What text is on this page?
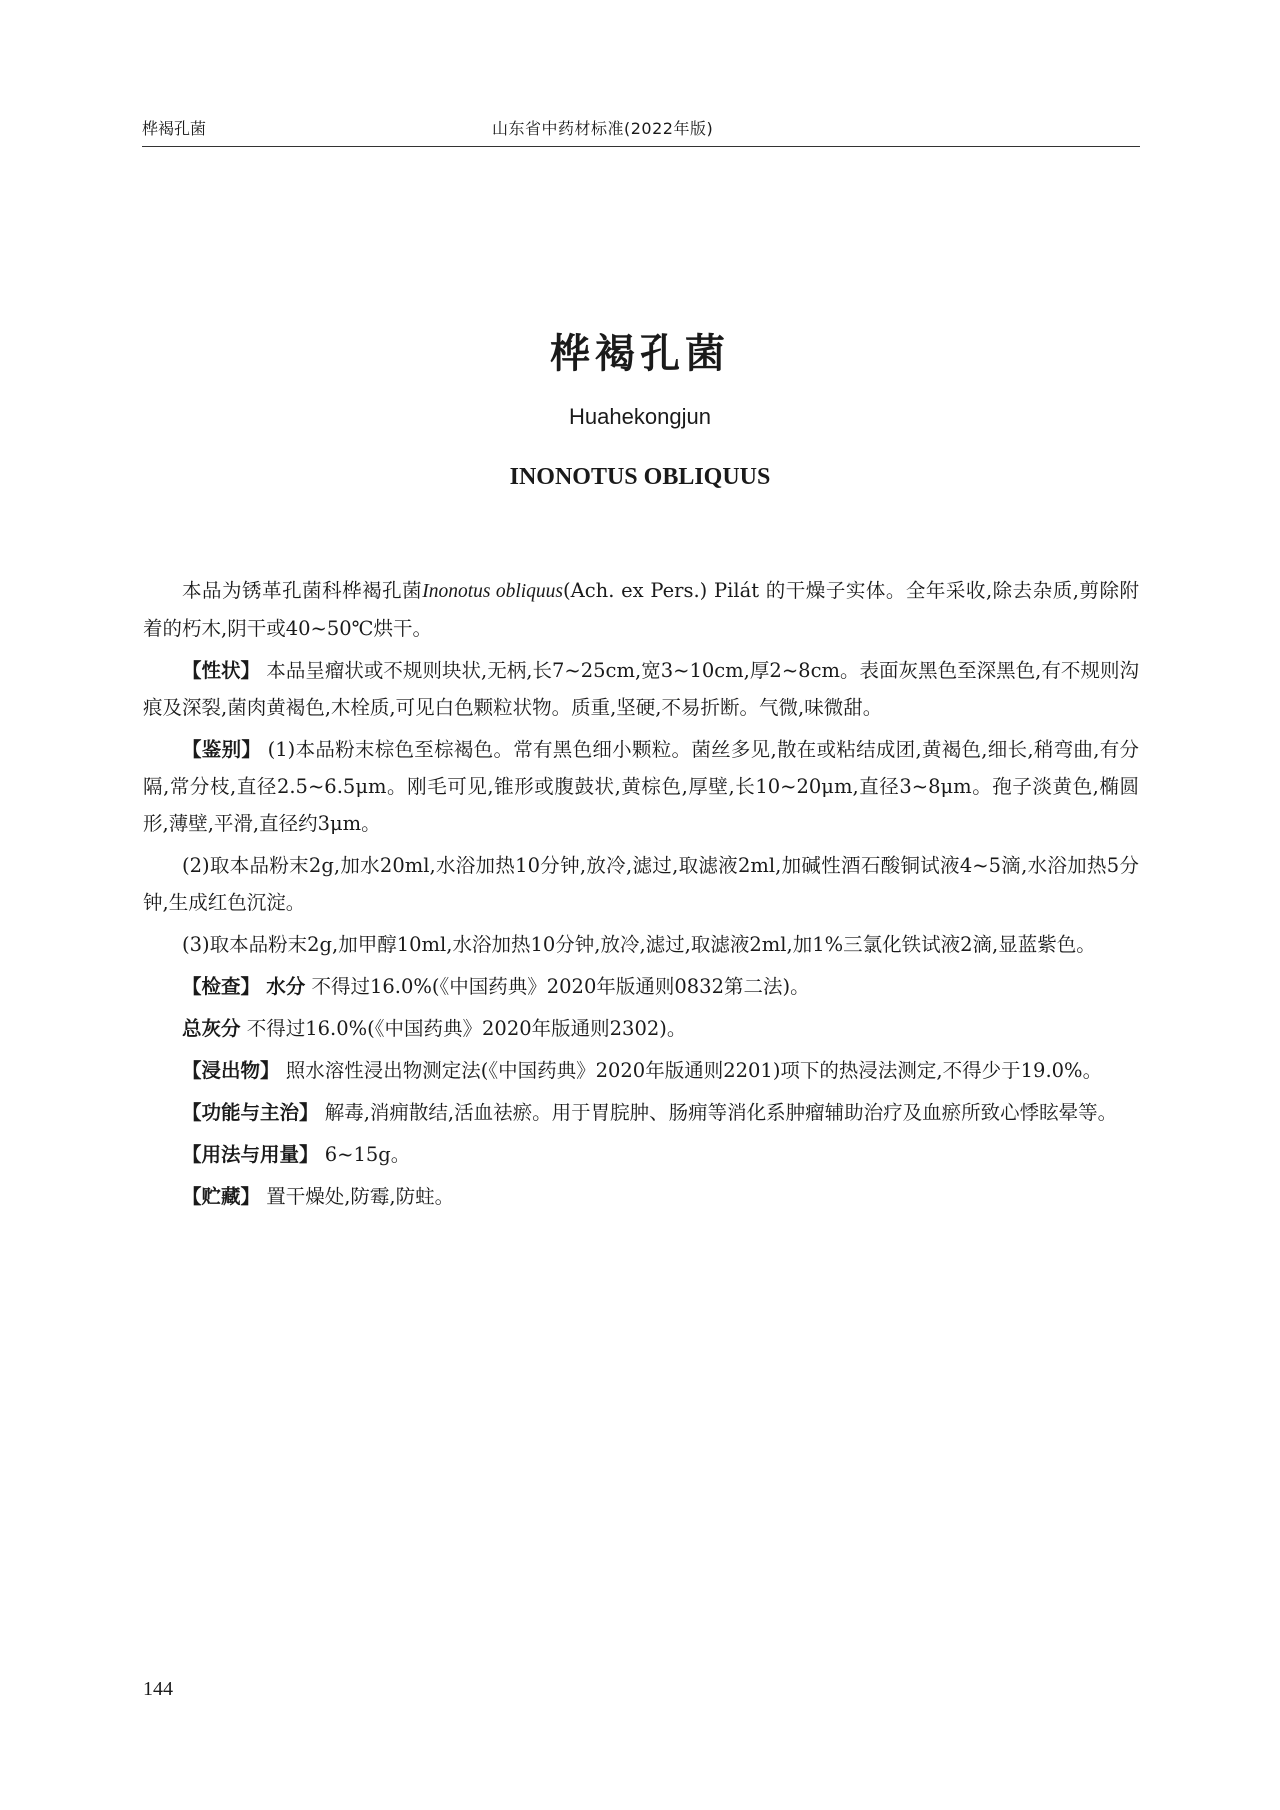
桦褐孔菌	山东省中药材标准(2022年版)
桦褐孔菌
Huahekongjun
INONOTUS OBLIQUUS

本品为锈革孔菌科桦褐孔菌Inonotus obliquus(Ach. ex Pers.) Pilát 的干燥子实体。全年采收,除去杂质,剪除附着的朽木,阴干或40~50℃烘干。

【性状】 本品呈瘤状或不规则块状,无柄,长7~25cm,宽3~10cm,厚2~8cm。表面灰黑色至深黑色,有不规则沟痕及深裂,菌肉黄褐色,木栓质,可见白色颗粒状物。质重,坚硬,不易折断。气微,味微甜。

【鉴别】 (1)本品粉末棕色至棕褐色。常有黑色细小颗粒。菌丝多见,散在或粘结成团,黄褐色,细长,稍弯曲,有分隔,常分枝,直径2.5~6.5μm。刚毛可见,锥形或腹鼓状,黄棕色,厚壁,长10~20μm,直径3~8μm。孢子淡黄色,椭圆形,薄壁,平滑,直径约3μm。

(2)取本品粉末2g,加水20ml,水浴加热10分钟,放冷,滤过,取滤液2ml,加碱性酒石酸铜试液4~5滴,水浴加热5分钟,生成红色沉淀。

(3)取本品粉末2g,加甲醇10ml,水浴加热10分钟,放冷,滤过,取滤液2ml,加1%三氯化铁试液2滴,显蓝紫色。

【检查】 水分 不得过16.0%(《中国药典》2020年版通则0832第二法)。

总灰分 不得过16.0%(《中国药典》2020年版通则2302)。

【浸出物】 照水溶性浸出物测定法(《中国药典》2020年版通则2201)项下的热浸法测定,不得少于19.0%。

【功能与主治】 解毒,消痈散结,活血祛瘀。用于胃脘肿、肠痈等消化系肿瘤辅助治疗及血瘀所致心悸眩晕等。

【用法与用量】 6~15g。

【贮藏】 置干燥处,防霉,防蛀。

144
